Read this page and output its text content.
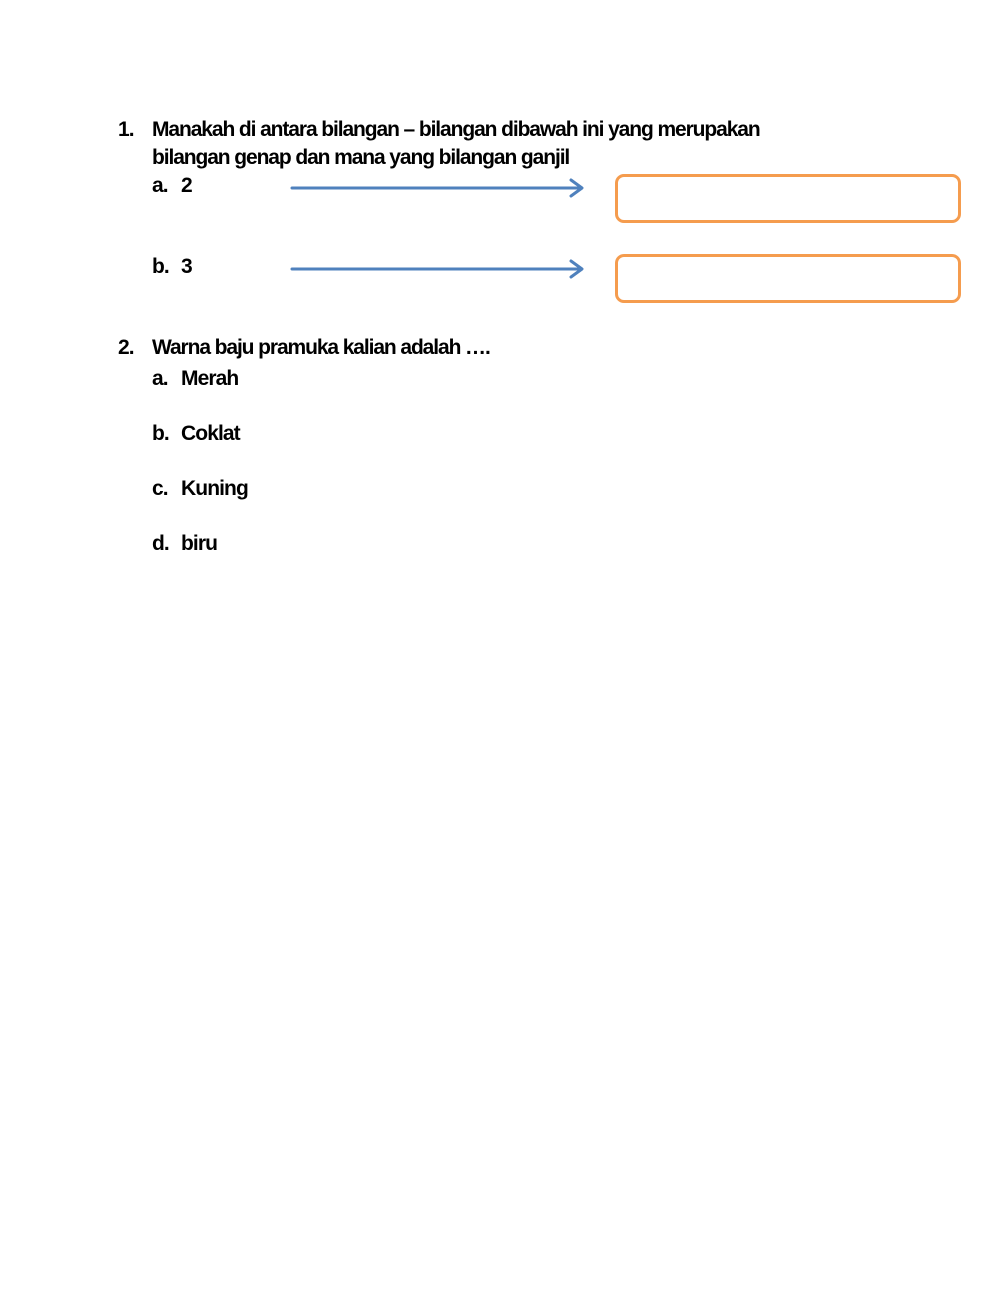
1. Manakah di antara bilangan – bilangan dibawah ini yang merupakan
bilangan genap dan mana yang bilangan ganjil
a. 2
b. 3
2. Warna baju pramuka kalian adalah ….
a. Merah
b. Coklat
c. Kuning
d. biru
